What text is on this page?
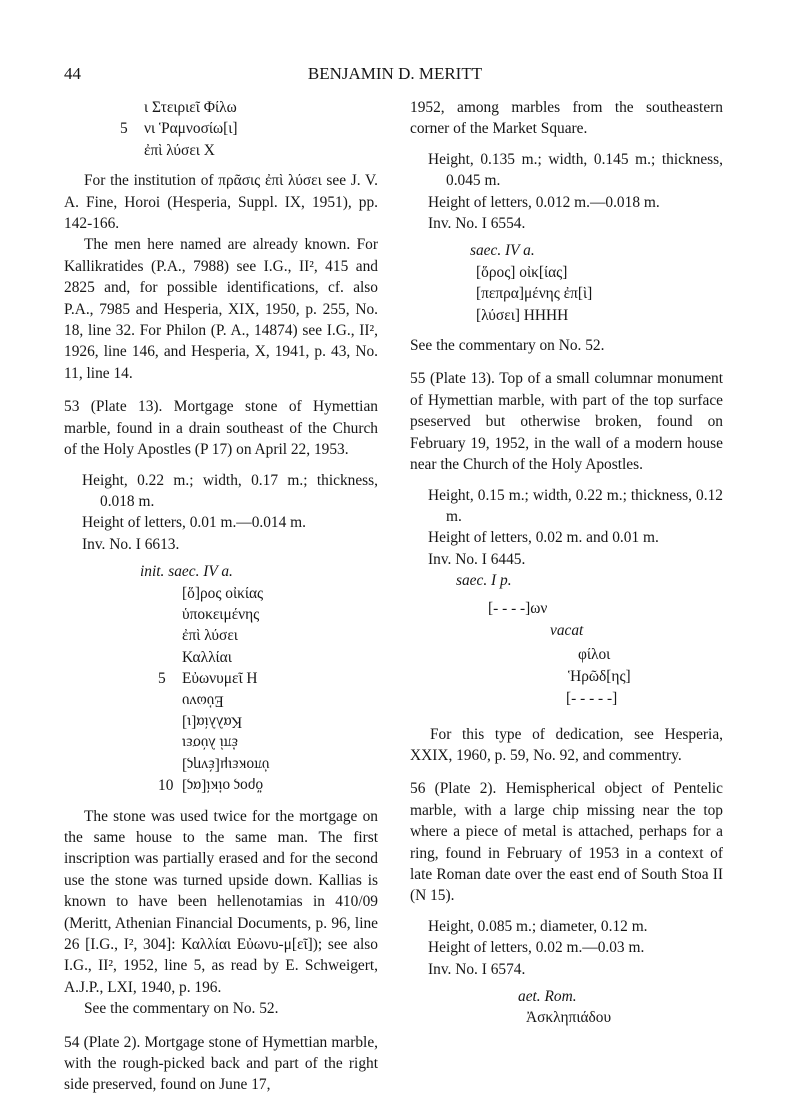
44	BENJAMIN D. MERITT
ι Στειριεῖ Φίλω
5 νι Ῥαμνοσίω[ι]
ἐπὶ λύσει X

For the institution of πρᾶσις ἐπὶ λύσει see J. V. A. Fine, Horoi (Hesperia, Suppl. IX, 1951), pp. 142-166.

The men here named are already known. For Kallikratides (P.A., 7988) see I.G., II², 415 and 2825 and, for possible identifications, cf. also P.A., 7985 and Hesperia, XIX, 1950, p. 255, No. 18, line 32. For Philon (P. A., 14874) see I.G., II², 1926, line 146, and Hesperia, X, 1941, p. 43, No. 11, line 14.

53 (Plate 13). Mortgage stone of Hymettian marble, found in a drain southeast of the Church of the Holy Apostles (P 17) on April 22, 1953.

Height, 0.22 m.; width, 0.17 m.; thickness, 0.018 m.
Height of letters, 0.01 m.—0.014 m.
Inv. No. I 6613.
init. saec. IV a.
[ὅ]ρος οἰκίας
ὑποκειμένης
ἐπὶ λύσει
Καλλίαι
5 Εὐωνυμεῖ Η
Εὐωνυ
Καλλία[ι]
ἐπὶ λύσει
ὑποκειμ[ένης]
10 ὅρος οἰκί[ας]

The stone was used twice for the mortgage on the same house to the same man. The first inscription was partially erased and for the second use the stone was turned upside down. Kallias is known to have been hellenotamias in 410/09 (Meritt, Athenian Financial Documents, p. 96, line 26 [I.G., I², 304]: Καλλίαι Εὐωνυ-μ[εῖ]); see also I.G., II², 1952, line 5, as read by E. Schweigert, A.J.P., LXI, 1940, p. 196.

See the commentary on No. 52.

54 (Plate 2). Mortgage stone of Hymettian marble, with the rough-picked back and part of the right side preserved, found on June 17,

1952, among marbles from the southeastern corner of the Market Square.

Height, 0.135 m.; width, 0.145 m.; thickness, 0.045 m.
Height of letters, 0.012 m.—0.018 m.
Inv. No. I 6554.
saec. IV a.
[ὅρος] οἰκ[ίας]
[πεπρα]μένης ἐπ[ὶ]
[λύσει] ΗΗΗΗ

See the commentary on No. 52.

55 (Plate 13). Top of a small columnar monument of Hymettian marble, with part of the top surface pseserved but otherwise broken, found on February 19, 1952, in the wall of a modern house near the Church of the Holy Apostles.

Height, 0.15 m.; width, 0.22 m.; thickness, 0.12 m.
Height of letters, 0.02 m. and 0.01 m.
Inv. No. I 6445.
saec. I p.
[- - - -]ων
vacat
φίλοι
Ἡρῶδ[ης]
[- - - - -]

For this type of dedication, see Hesperia, XXIX, 1960, p. 59, No. 92, and commentry.

56 (Plate 2). Hemispherical object of Pentelic marble, with a large chip missing near the top where a piece of metal is attached, perhaps for a ring, found in February of 1953 in a context of late Roman date over the east end of South Stoa II (N 15).

Height, 0.085 m.; diameter, 0.12 m.
Height of letters, 0.02 m.—0.03 m.
Inv. No. I 6574.
aet. Rom.
Ἀσκληπιάδου
